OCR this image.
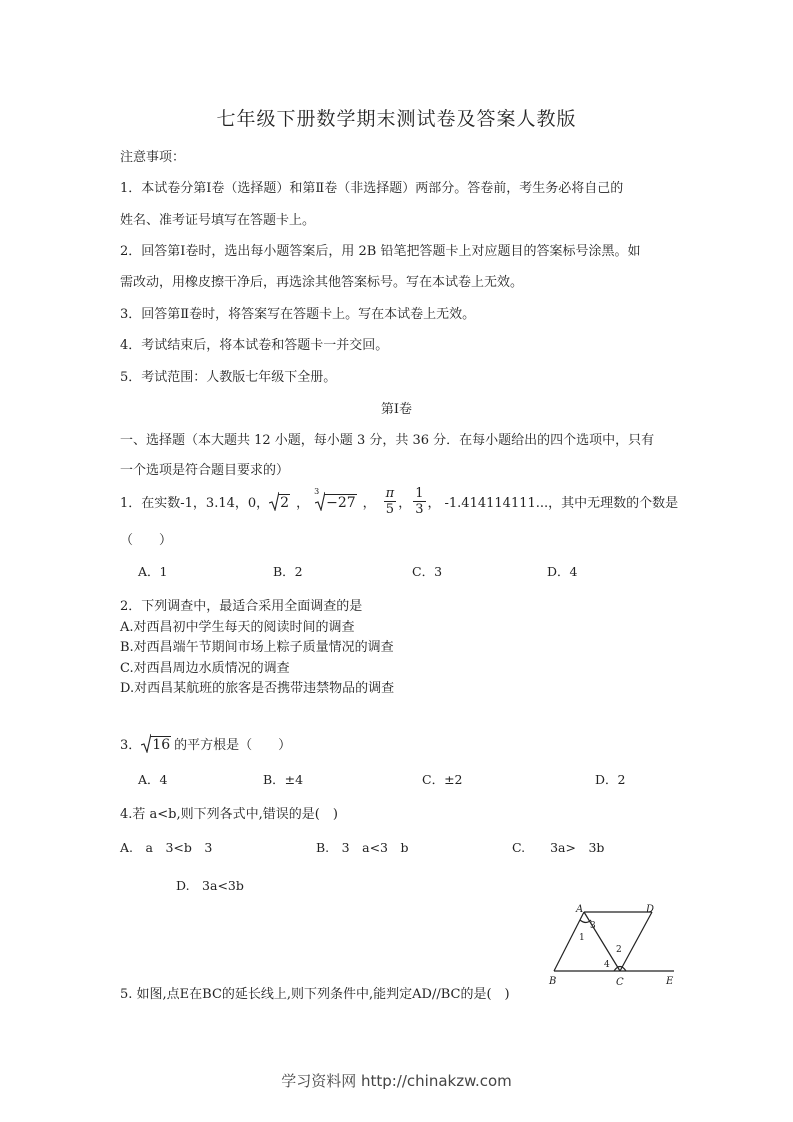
七年级下册数学期末测试卷及答案人教版
注意事项：
1．本试卷分第Ⅰ卷（选择题）和第Ⅱ卷（非选择题）两部分。答卷前，考生务必将自己的
姓名、准考证号填写在答题卡上。
2．回答第Ⅰ卷时，选出每小题答案后，用 2B 铅笔把答题卡上对应题目的答案标号涂黑。如
需改动，用橡皮擦干净后，再选涂其他答案标号。写在本试卷上无效。
3．回答第Ⅱ卷时，将答案写在答题卡上。写在本试卷上无效。
4．考试结束后，将本试卷和答题卡一并交回。
5．考试范围：人教版七年级下全册。
第Ⅰ卷
一、选择题（本大题共 12 小题，每小题 3 分，共 36 分．在每小题给出的四个选项中，只有
一个选项是符合题目要求的）
1．在实数-1，3.14，0， 2 ，
3
−27 ， $\frac{\pi}{5}$ ， $\frac{1}{3}$ ， -1.414114111...，其中无理数的个数是
（　　）
A．1	B．2	C．3	D．4
2．下列调查中，最适合采用全面调查的是
A.对西昌初中学生每天的阅读时间的调查
B.对西昌端午节期间市场上粽子质量情况的调查
C.对西昌周边水质情况的调查
D.对西昌某航班的旅客是否携带违禁物品的调查
3． 16 的平方根是（　　）
A．4	B．±4	C．±2	D．2
4.若 a<b,则下列各式中,错误的是(　)
A.　a　3<b　3	B.　3　a<3　b	C.　　3a>　3b
D.　3a<3b
A	D
B	C	E
1
3
2
4
5. 如图,点E在BC的延长线上,则下列条件中,能判定AD//BC的是(　)
学习资料网 http://chinakzw.com
